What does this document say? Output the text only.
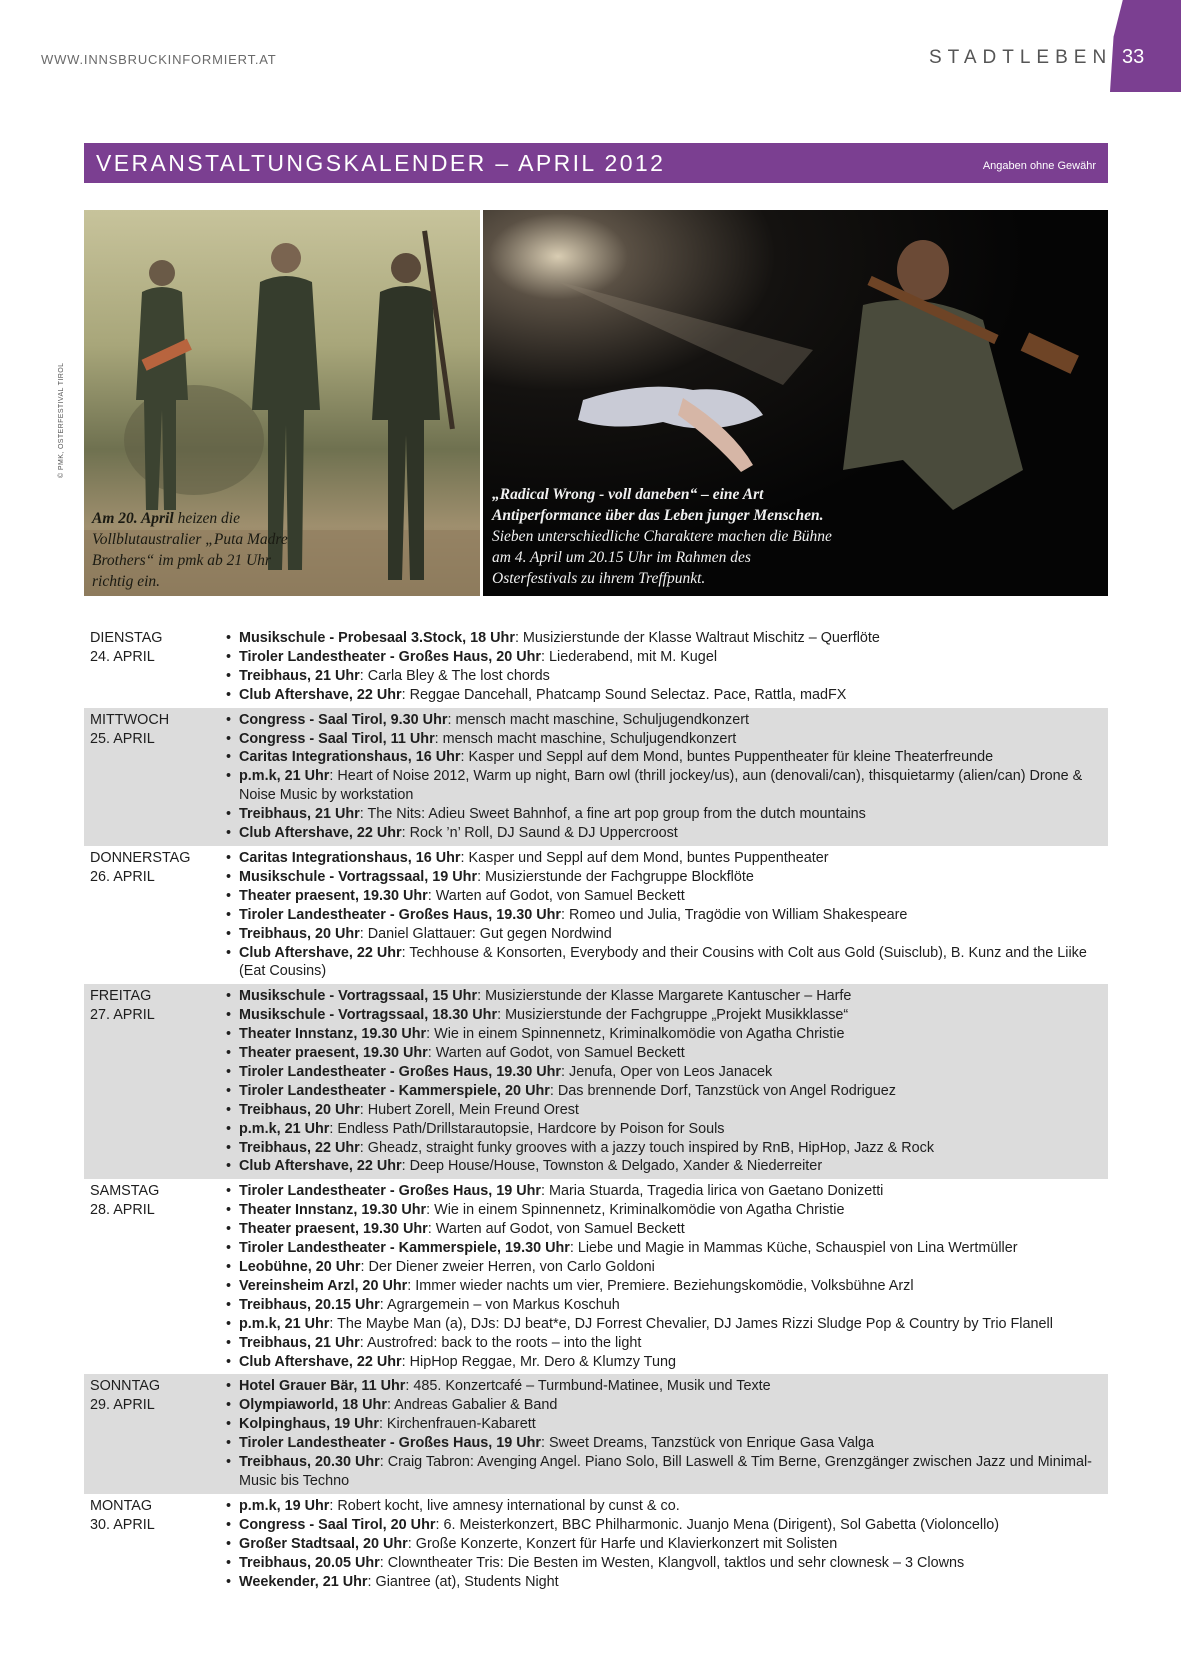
WWW.INNSBRUCKINFORMIERT.AT	STADTLEBEN 33
VERANSTALTUNGSKALENDER – APRIL 2012	Angaben ohne Gewähr
© PMK, OSTERFESTIVAL TIROL
Am 20. April heizen die Vollblutaustralier „Puta Madre Brothers“ im pmk ab 21 Uhr richtig ein.
„Radical Wrong - voll daneben“ – eine Art Antiperformance über das Leben junger Menschen. Sieben unterschiedliche Charaktere machen die Bühne am 4. April um 20.15 Uhr im Rahmen des Osterfestivals zu ihrem Treffpunkt.
DIENSTAG
24. APRIL
• Musikschule - Probesaal 3.Stock, 18 Uhr: Musizierstunde der Klasse Waltraut Mischitz – Querflöte
• Tiroler Landestheater - Großes Haus, 20 Uhr: Liederabend, mit M. Kugel
• Treibhaus, 21 Uhr: Carla Bley & The lost chords
• Club Aftershave, 22 Uhr: Reggae Dancehall, Phatcamp Sound Selectaz. Pace, Rattla, madFX
MITTWOCH
25. APRIL
• Congress - Saal Tirol, 9.30 Uhr: mensch macht maschine, Schuljugendkonzert
• Congress - Saal Tirol, 11 Uhr: mensch macht maschine, Schuljugendkonzert
• Caritas Integrationshaus, 16 Uhr: Kasper und Seppl auf dem Mond, buntes Puppentheater für kleine Theaterfreunde
• p.m.k, 21 Uhr: Heart of Noise 2012, Warm up night, Barn owl (thrill jockey/us), aun (denovali/can), thisquietarmy (alien/can) Drone & Noise Music by workstation
• Treibhaus, 21 Uhr: The Nits: Adieu Sweet Bahnhof, a fine art pop group from the dutch mountains
• Club Aftershave, 22 Uhr: Rock ’n’ Roll, DJ Saund & DJ Uppercroost
DONNERSTAG
26. APRIL
• Caritas Integrationshaus, 16 Uhr: Kasper und Seppl auf dem Mond, buntes Puppentheater
• Musikschule - Vortragssaal, 19 Uhr: Musizierstunde der Fachgruppe Blockflöte
• Theater praesent, 19.30 Uhr: Warten auf Godot, von Samuel Beckett
• Tiroler Landestheater - Großes Haus, 19.30 Uhr: Romeo und Julia, Tragödie von William Shakespeare
• Treibhaus, 20 Uhr: Daniel Glattauer: Gut gegen Nordwind
• Club Aftershave, 22 Uhr: Techhouse & Konsorten, Everybody and their Cousins with Colt aus Gold (Suisclub), B. Kunz and the Liike (Eat Cousins)
FREITAG
27. APRIL
• Musikschule - Vortragssaal, 15 Uhr: Musizierstunde der Klasse Margarete Kantuscher – Harfe
• Musikschule - Vortragssaal, 18.30 Uhr: Musizierstunde der Fachgruppe „Projekt Musikklasse“
• Theater Innstanz, 19.30 Uhr: Wie in einem Spinnennetz, Kriminalkomödie von Agatha Christie
• Theater praesent, 19.30 Uhr: Warten auf Godot, von Samuel Beckett
• Tiroler Landestheater - Großes Haus, 19.30 Uhr: Jenufa, Oper von Leos Janacek
• Tiroler Landestheater - Kammerspiele, 20 Uhr: Das brennende Dorf, Tanzstück von Angel Rodriguez
• Treibhaus, 20 Uhr: Hubert Zorell, Mein Freund Orest
• p.m.k, 21 Uhr: Endless Path/Drillstarautopsie, Hardcore by Poison for Souls
• Treibhaus, 22 Uhr: Gheadz, straight funky grooves with a jazzy touch inspired by RnB, HipHop, Jazz & Rock
• Club Aftershave, 22 Uhr: Deep House/House, Townston & Delgado, Xander & Niederreiter
SAMSTAG
28. APRIL
• Tiroler Landestheater - Großes Haus, 19 Uhr: Maria Stuarda, Tragedia lirica von Gaetano Donizetti
• Theater Innstanz, 19.30 Uhr: Wie in einem Spinnennetz, Kriminalkomödie von Agatha Christie
• Theater praesent, 19.30 Uhr: Warten auf Godot, von Samuel Beckett
• Tiroler Landestheater - Kammerspiele, 19.30 Uhr: Liebe und Magie in Mammas Küche, Schauspiel von Lina Wertmüller
• Leobühne, 20 Uhr: Der Diener zweier Herren, von Carlo Goldoni
• Vereinsheim Arzl, 20 Uhr: Immer wieder nachts um vier, Premiere. Beziehungskomödie, Volksbühne Arzl
• Treibhaus, 20.15 Uhr: Agrargemein – von Markus Koschuh
• p.m.k, 21 Uhr: The Maybe Man (a), DJs: DJ beat*e, DJ Forrest Chevalier, DJ James Rizzi Sludge Pop & Country by Trio Flanell
• Treibhaus, 21 Uhr: Austrofred: back to the roots – into the light
• Club Aftershave, 22 Uhr: HipHop Reggae, Mr. Dero & Klumzy Tung
SONNTAG
29. APRIL
• Hotel Grauer Bär, 11 Uhr: 485. Konzertcafé – Turmbund-Matinee, Musik und Texte
• Olympiaworld, 18 Uhr: Andreas Gabalier & Band
• Kolpinghaus, 19 Uhr: Kirchenfrauen-Kabarett
• Tiroler Landestheater - Großes Haus, 19 Uhr: Sweet Dreams, Tanzstück von Enrique Gasa Valga
• Treibhaus, 20.30 Uhr: Craig Tabron: Avenging Angel. Piano Solo, Bill Laswell & Tim Berne, Grenzgänger zwischen Jazz und Minimal-Music bis Techno
MONTAG
30. APRIL
• p.m.k, 19 Uhr: Robert kocht, live amnesy international by cunst & co.
• Congress - Saal Tirol, 20 Uhr: 6. Meisterkonzert, BBC Philharmonic. Juanjo Mena (Dirigent), Sol Gabetta (Violoncello)
• Großer Stadtsaal, 20 Uhr: Große Konzerte, Konzert für Harfe und Klavierkonzert mit Solisten
• Treibhaus, 20.05 Uhr: Clowntheater Tris: Die Besten im Westen, Klangvoll, taktlos und sehr clownesk – 3 Clowns
• Weekender, 21 Uhr: Giantree (at), Students Night
